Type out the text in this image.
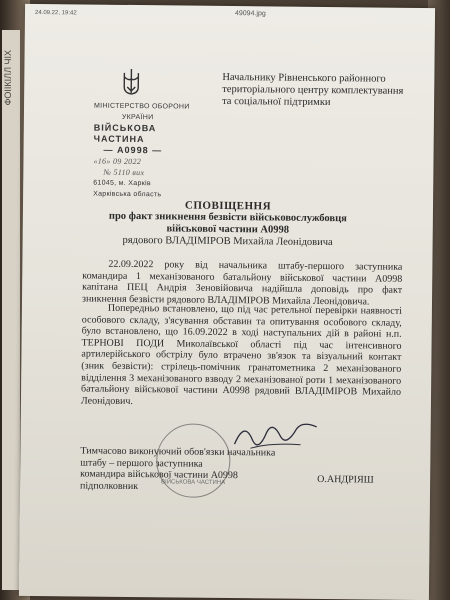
ФОІІКІЛЛ ЧІХ
24.09.22, 19:42	49094.jpg
Начальнику Рівненського районного
територіального центру комплектування
та соціальної підтримки
МІНІСТЕРСТВО ОБОРОНИ
УКРАЇНИ
ВІЙСЬКОВА ЧАСТИНА
— А0998 —
«16» 09 2022
№ 5110 вих
61045, м. Харків
Харківська область
СПОВІЩЕННЯ
про факт зникнення безвісти військовослужбовця
військової частини А0998
рядового ВЛАДІМІРОВ Михайла Леонідовича
22.09.2022 року від начальника штабу-першого заступника командира 1 механізованого батальйону військової частини А0998 капітана ПЕЦ Андрія Зеновійовича надійшла доповідь про факт зникнення безвісти рядового ВЛАДІМІРОВ Михайла Леонідовича.
Попередньо встановлено, що під час ретельної перевірки наявності особового складу, з'ясування обставин та опитування особового складу, було встановлено, що 16.09.2022 в ході наступальних дій в районі н.п. ТЕРНОВІ ПОДИ Миколаївської області під час інтенсивного артилерійського обстрілу було втрачено зв'язок та візуальний контакт (зник безвісти): стрілець-помічник гранатометника 2 механізованого відділення 3 механізованого взводу 2 механізованої роти 1 механізованого батальйону військової частини А0998 рядовий ВЛАДІМІРОВ Михайло Леонідович.
ВІЙСЬКОВА ЧАСТИНА
Тимчасово виконуючий обов'язки начальника штабу – першого заступника
командира військової частини А0998
підполковник
О.АНДРІЯШ
